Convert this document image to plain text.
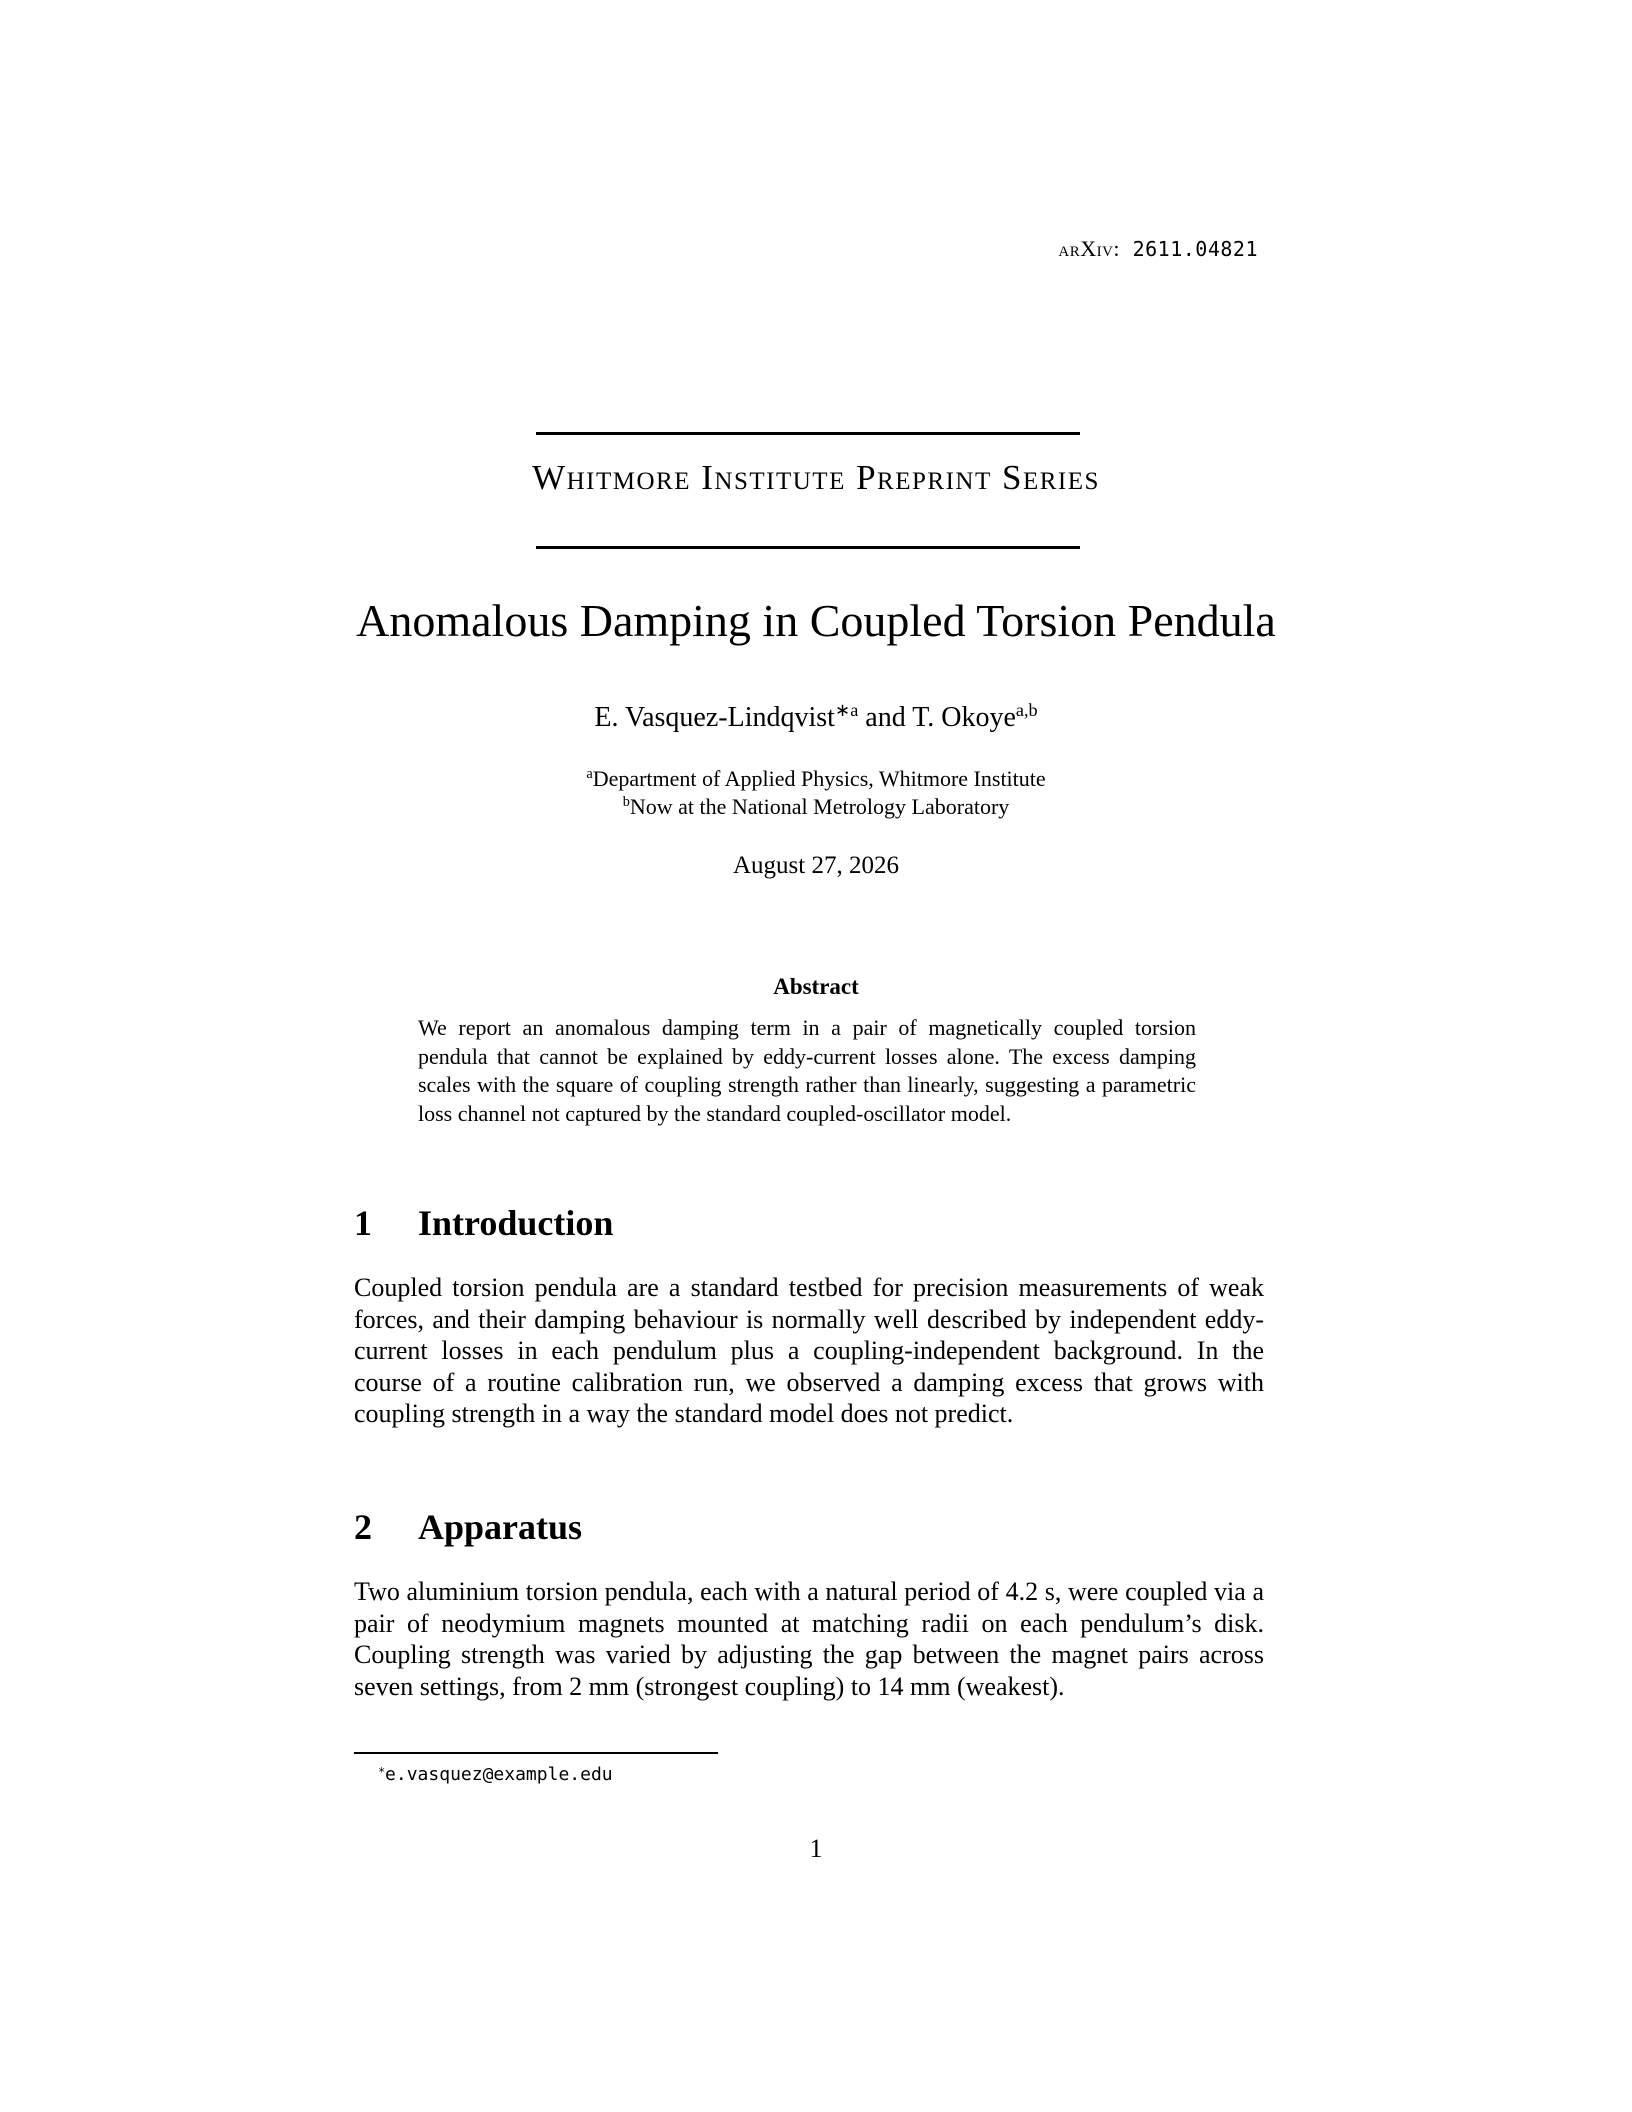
arXiv: 2611.04821
Whitmore Institute Preprint Series
Anomalous Damping in Coupled Torsion Pendula
E. Vasquez-Lindqvist$^{∗a}$ and T. Okoye$^{a,b}$
$^a$Department of Applied Physics, Whitmore Institute
$^b$Now at the National Metrology Laboratory
August 27, 2026
Abstract
We report an anomalous damping term in a pair of magnetically coupled torsion pendula that cannot be explained by eddy-current losses alone. The excess damping scales with the square of coupling strength rather than linearly, suggesting a parametric loss channel not captured by the standard coupled-oscillator model.
1 Introduction
Coupled torsion pendula are a standard testbed for precision measurements of weak forces, and their damping behaviour is normally well described by independent eddy-current losses in each pendulum plus a coupling-independent background. In the course of a routine calibration run, we observed a damping excess that grows with coupling strength in a way the standard model does not predict.
2 Apparatus
Two aluminium torsion pendula, each with a natural period of 4.2 s, were coupled via a pair of neodymium magnets mounted at matching radii on each pendulum’s disk. Coupling strength was varied by adjusting the gap between the magnet pairs across seven settings, from 2 mm (strongest coupling) to 14 mm (weakest).
∗e.vasquez@example.edu
1
